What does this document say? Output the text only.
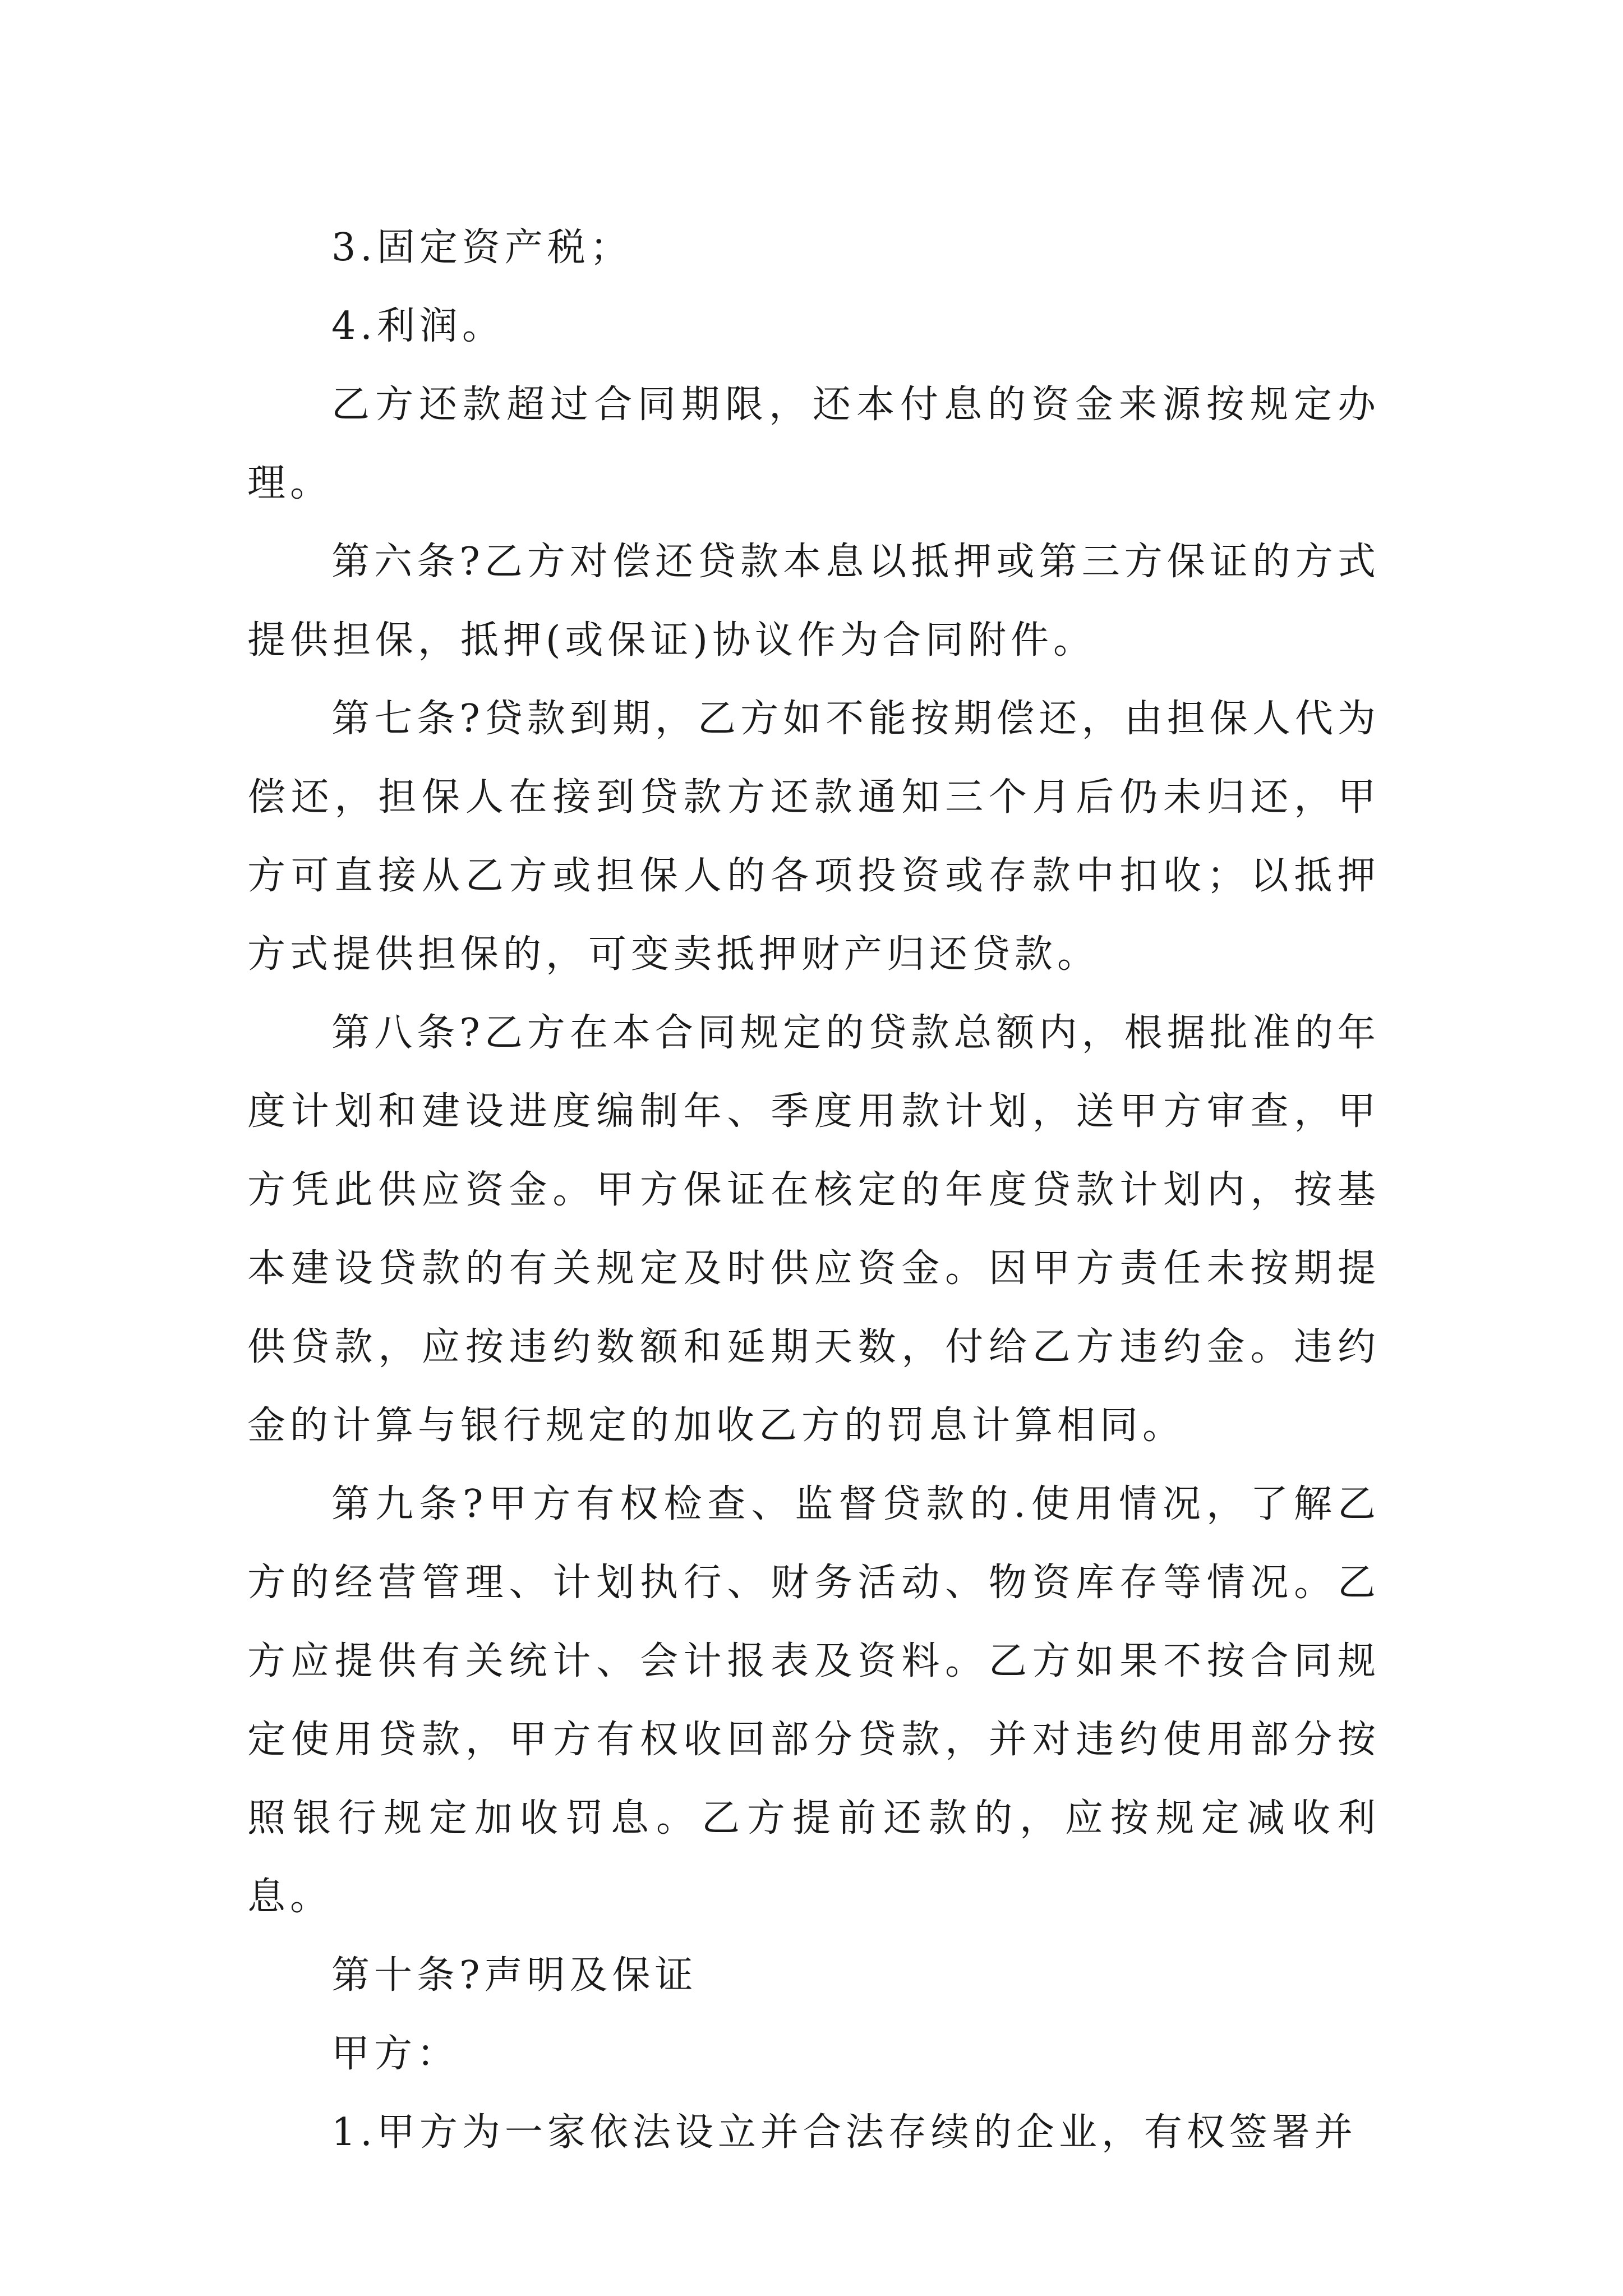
3.固定资产税；

4.利润。

乙方还款超过合同期限，还本付息的资金来源按规定办理。

第六条?乙方对偿还贷款本息以抵押或第三方保证的方式提供担保，抵押(或保证)协议作为合同附件。

第七条?贷款到期，乙方如不能按期偿还，由担保人代为偿还，担保人在接到贷款方还款通知三个月后仍未归还，甲方可直接从乙方或担保人的各项投资或存款中扣收；以抵押方式提供担保的，可变卖抵押财产归还贷款。

第八条?乙方在本合同规定的贷款总额内，根据批准的年度计划和建设进度编制年、季度用款计划，送甲方审查，甲方凭此供应资金。甲方保证在核定的年度贷款计划内，按基本建设贷款的有关规定及时供应资金。因甲方责任未按期提供贷款，应按违约数额和延期天数，付给乙方违约金。违约金的计算与银行规定的加收乙方的罚息计算相同。

第九条?甲方有权检查、监督贷款的.使用情况，了解乙方的经营管理、计划执行、财务活动、物资库存等情况。乙方应提供有关统计、会计报表及资料。乙方如果不按合同规定使用贷款，甲方有权收回部分贷款，并对违约使用部分按照银行规定加收罚息。乙方提前还款的，应按规定减收利息。

第十条?声明及保证

甲方：

1.甲方为一家依法设立并合法存续的企业，有权签署并
